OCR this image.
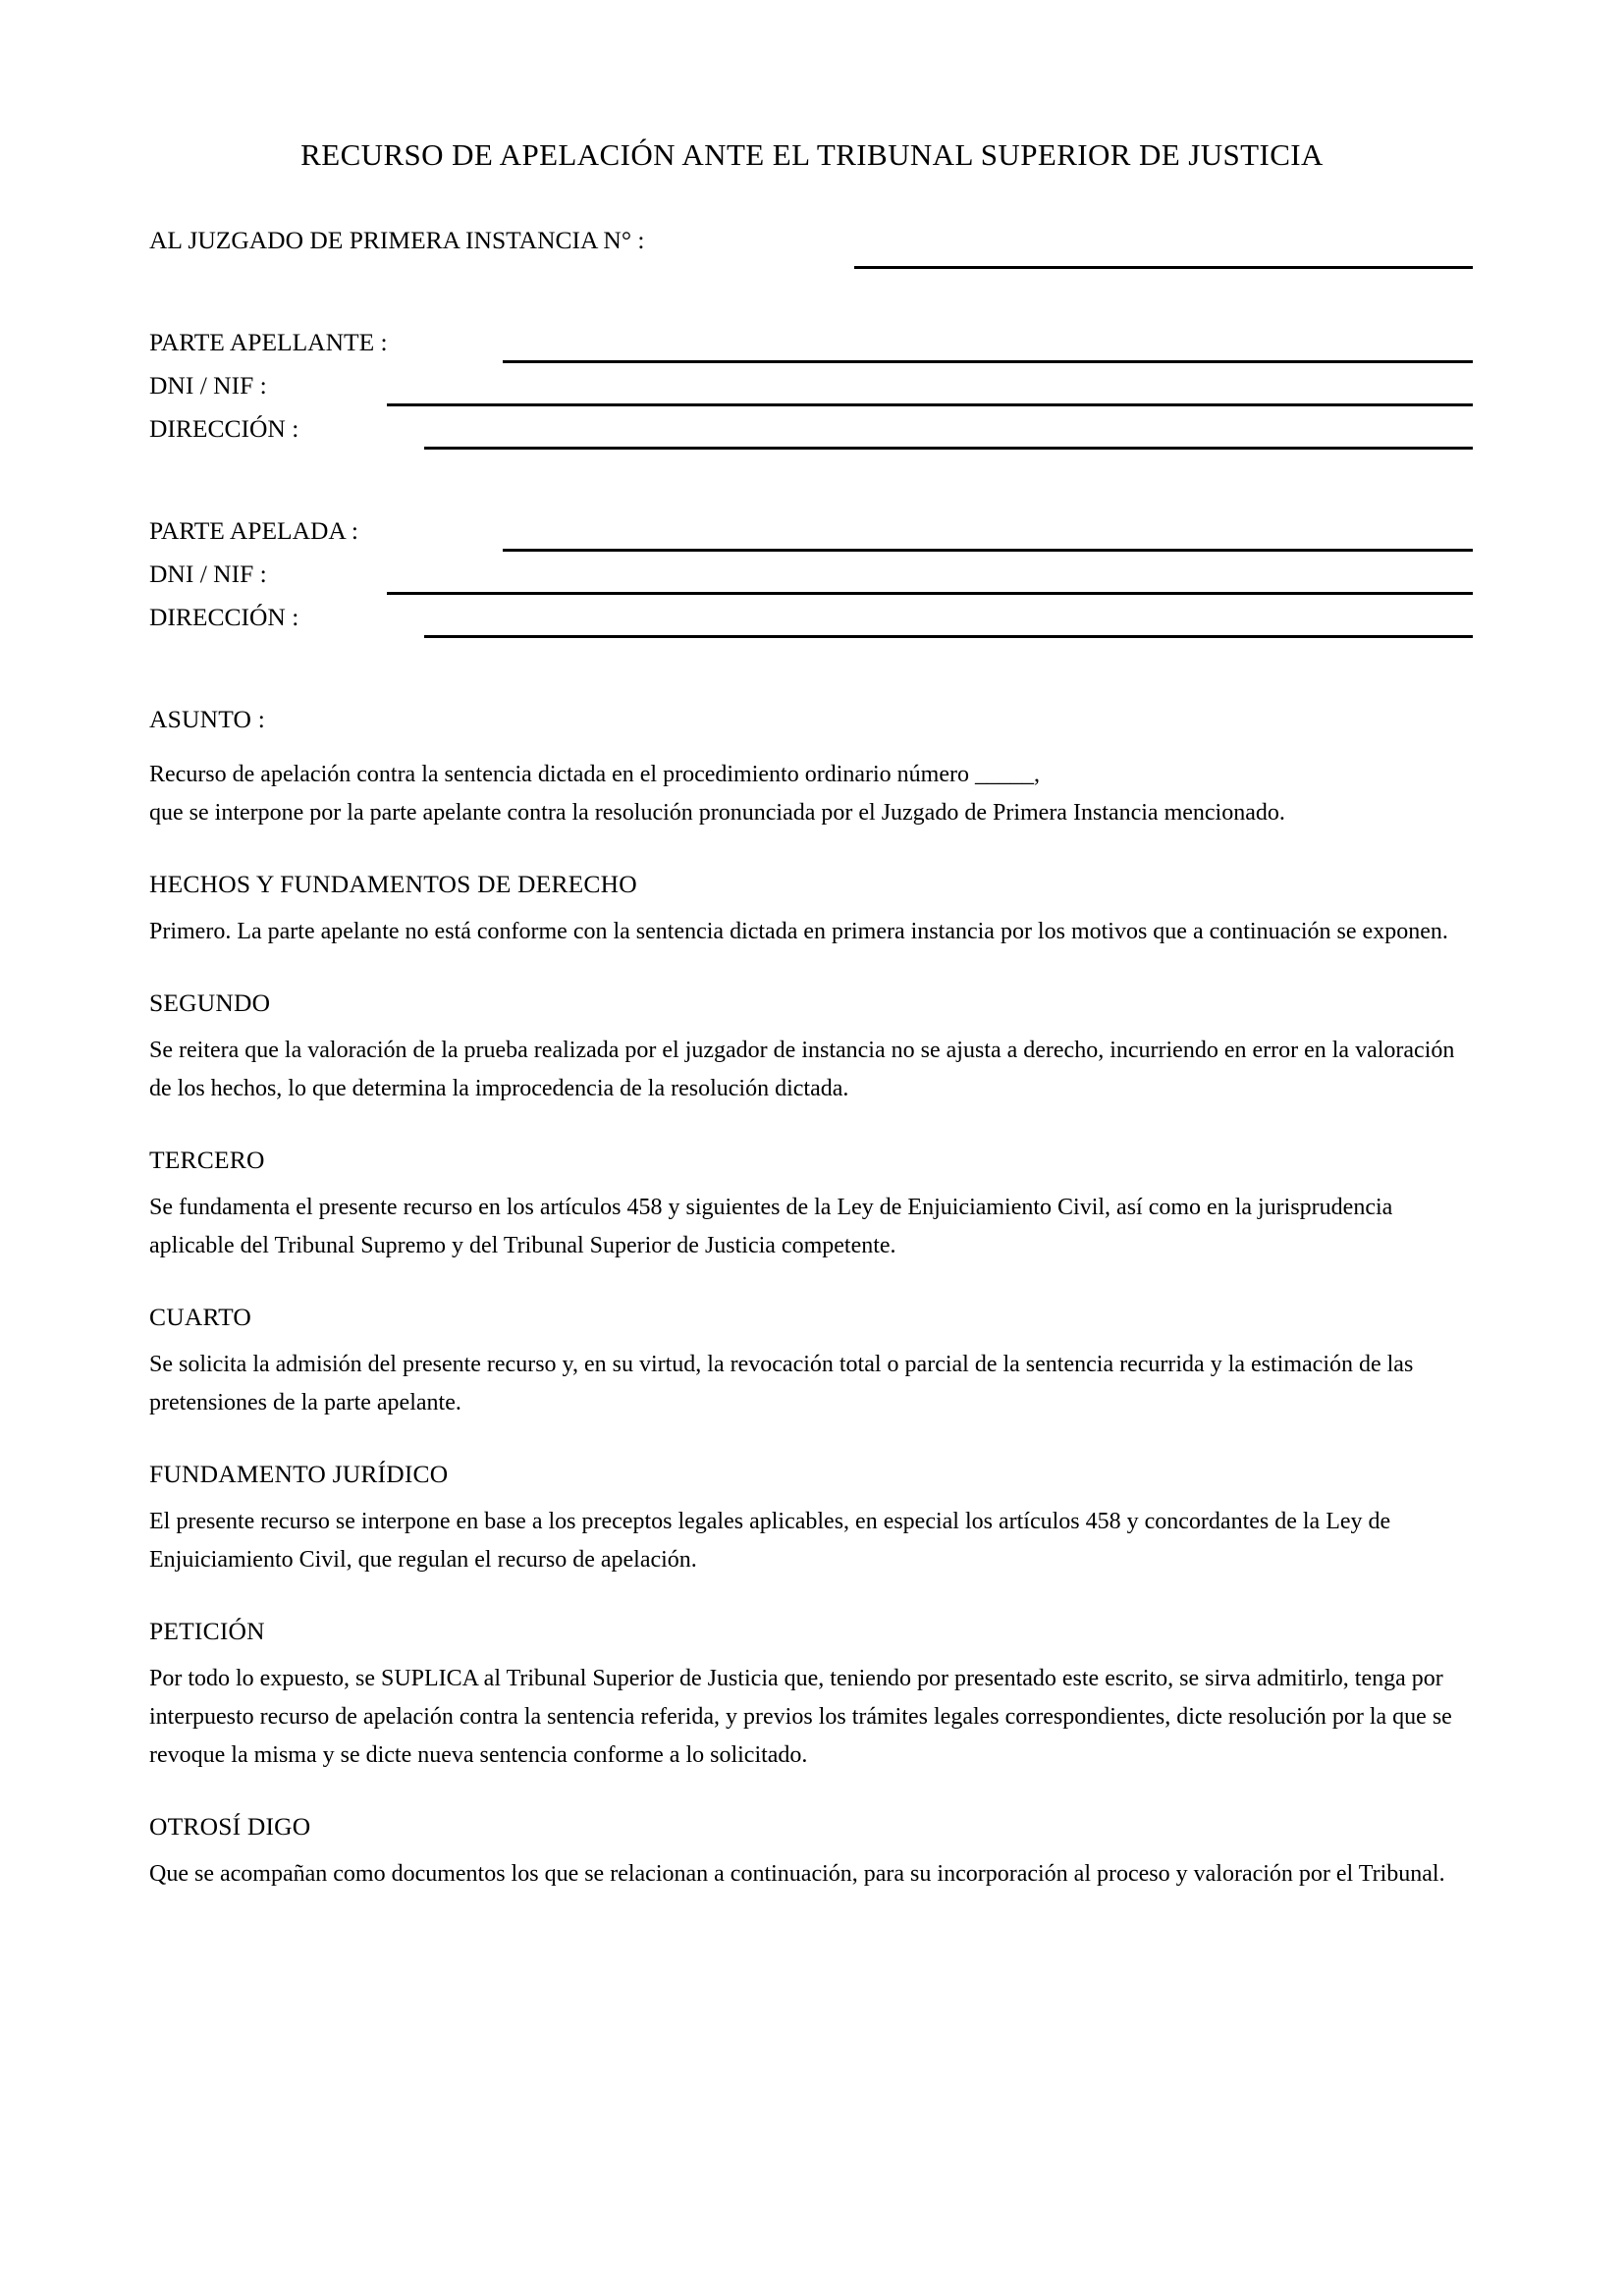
RECURSO DE APELACIÓN ANTE EL TRIBUNAL SUPERIOR DE JUSTICIA
AL JUZGADO DE PRIMERA INSTANCIA N° :
PARTE APELLANTE :
DNI / NIF :
DIRECCIÓN :
PARTE APELADA :
DNI / NIF :
DIRECCIÓN :
ASUNTO :

Recurso de apelación contra la sentencia dictada en el procedimiento ordinario número _____,

que se interpone por la parte apelante contra la resolución pronunciada por el Juzgado de Primera Instancia mencionado.

HECHOS Y FUNDAMENTOS DE DERECHO

Primero. La parte apelante no está conforme con la sentencia dictada en primera instancia por los motivos que a continuación se exponen.

SEGUNDO

Se reitera que la valoración de la prueba realizada por el juzgador de instancia no se ajusta a derecho, incurriendo en error en la valoración de los hechos, lo que determina la improcedencia de la resolución dictada.

TERCERO

Se fundamenta el presente recurso en los artículos 458 y siguientes de la Ley de Enjuiciamiento Civil, así como en la jurisprudencia aplicable del Tribunal Supremo y del Tribunal Superior de Justicia competente.

CUARTO

Se solicita la admisión del presente recurso y, en su virtud, la revocación total o parcial de la sentencia recurrida y la estimación de las pretensiones de la parte apelante.

FUNDAMENTO JURÍDICO

El presente recurso se interpone en base a los preceptos legales aplicables, en especial los artículos 458 y concordantes de la Ley de Enjuiciamiento Civil, que regulan el recurso de apelación.

PETICIÓN

Por todo lo expuesto, se SUPLICA al Tribunal Superior de Justicia que, teniendo por presentado este escrito, se sirva admitirlo, tenga por interpuesto recurso de apelación contra la sentencia referida, y previos los trámites legales correspondientes, dicte resolución por la que se revoque la misma y se dicte nueva sentencia conforme a lo solicitado.

OTROSÍ DIGO

Que se acompañan como documentos los que se relacionan a continuación, para su incorporación al proceso y valoración por el Tribunal.
